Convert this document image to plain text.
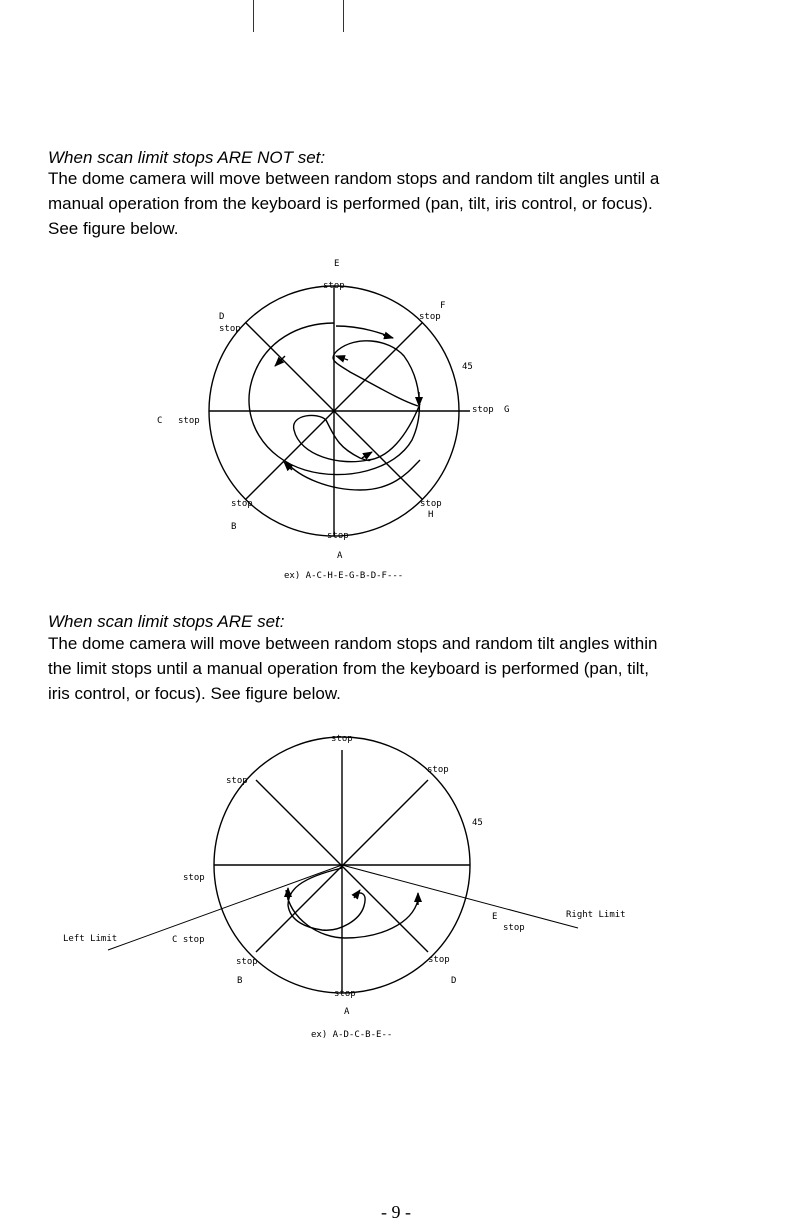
When scan limit stops ARE NOT set:
The dome camera will move between random stops and random tilt angles until a
manual operation from the keyboard is performed (pan, tilt, iris control, or focus).
See figure below.
When scan limit stops ARE set:
The dome camera will move between random stops and random tilt angles within
the limit stops until a manual operation from the keyboard is performed (pan, tilt,
iris control, or focus). See figure below.
E
stop
F
stop
D
stop
45
stop G
C stop
stop
B
stop
H
stop
A
ex) A-C-H-E-G-B-D-F---
stop
stop
stop
45
stop
E
stop
Right Limit
Left Limit	C stop
stop
B
stop
D
stop
A
ex) A-D-C-B-E--
- 9 -
